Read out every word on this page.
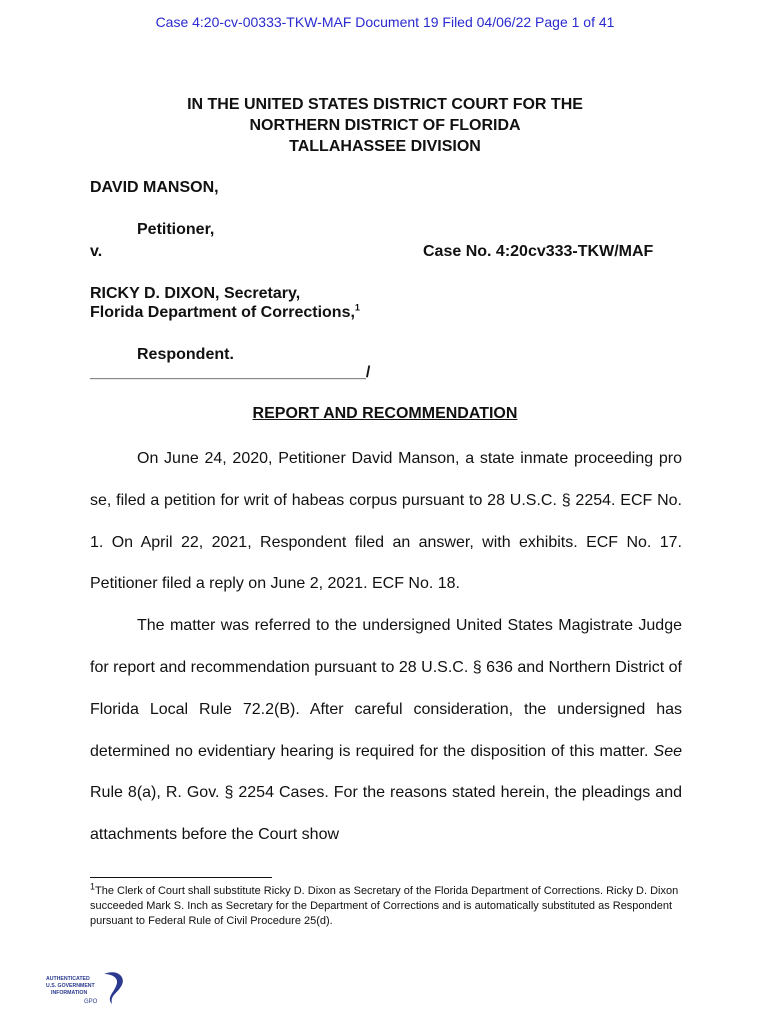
Case 4:20-cv-00333-TKW-MAF Document 19 Filed 04/06/22 Page 1 of 41
IN THE UNITED STATES DISTRICT COURT FOR THE
NORTHERN DISTRICT OF FLORIDA
TALLAHASSEE DIVISION
DAVID MANSON,
Petitioner,
v.	Case No. 4:20cv333-TKW/MAF
RICKY D. DIXON, Secretary,
Florida Department of Corrections,$^1$
Respondent.
_______________________________/
REPORT AND RECOMMENDATION

On June 24, 2020, Petitioner David Manson, a state inmate proceeding pro se, filed a petition for writ of habeas corpus pursuant to 28 U.S.C. § 2254. ECF No. 1. On April 22, 2021, Respondent filed an answer, with exhibits. ECF No. 17. Petitioner filed a reply on June 2, 2021. ECF No. 18.

The matter was referred to the undersigned United States Magistrate Judge for report and recommendation pursuant to 28 U.S.C. § 636 and Northern District of Florida Local Rule 72.2(B). After careful consideration, the undersigned has determined no evidentiary hearing is required for the disposition of this matter. See Rule 8(a), R. Gov. § 2254 Cases. For the reasons stated herein, the pleadings and attachments before the Court show

$^1$The Clerk of Court shall substitute Ricky D. Dixon as Secretary of the Florida Department of Corrections. Ricky D. Dixon succeeded Mark S. Inch as Secretary for the Department of Corrections and is automatically substituted as Respondent pursuant to Federal Rule of Civil Procedure 25(d).
AUTHENTICATED
U.S. GOVERNMENT
INFORMATION
GPO
